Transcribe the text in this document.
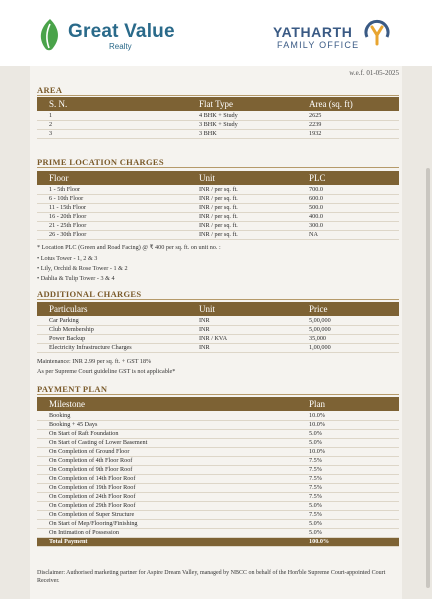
Great Value
Realty
YATHARTH
FAMILY OFFICE
w.e.f. 01-05-2025
AREA
S. N.	Flat Type	Area (sq. ft)
1	4 BHK + Study	2625
2	3 BHK + Study	2239
3	3 BHK	1932
PRIME LOCATION CHARGES
Floor	Unit	PLC
1 - 5th Floor	INR / per sq. ft.	700.0
6 - 10th Floor	INR / per sq. ft.	600.0
11 - 15th Floor	INR / per sq. ft.	500.0
16 - 20th Floor	INR / per sq. ft.	400.0
21 - 25th Floor	INR / per sq. ft.	300.0
26 - 30th Floor	INR / per sq. ft.	NA
* Location PLC (Green and Road Facing) @ ₹ 400 per sq. ft. on unit no. :
• Lotus Tower - 1, 2 & 3
• Lily, Orchid & Rose Tower - 1 & 2
• Dahlia & Tulip Tower - 3 & 4
ADDITIONAL CHARGES
Particulars	Unit	Price
Car Parking	INR	5,00,000
Club Membership	INR	5,00,000
Power Backup	INR / KVA	35,000
Electricity Infrastructure Charges	INR	1,00,000
Maintenance: INR 2.99 per sq. ft. + GST 18%
As per Supreme Court guideline GST is not applicable*
PAYMENT PLAN
Milestone	Plan
Booking	10.0%
Booking + 45 Days	10.0%
On Start of Raft Foundation	5.0%
On Start of Casting of Lower Basement	5.0%
On Completion of Ground Floor	10.0%
On Completion of 4th Floor Roof	7.5%
On Completion of 9th Floor Roof	7.5%
On Completion of 14th Floor Roof	7.5%
On Completion of 19th Floor Roof	7.5%
On Completion of 24th Floor Roof	7.5%
On Completion of 29th Floor Roof	5.0%
On Completion of Super Structure	7.5%
On Start of Mep/Flooring/Finishing	5.0%
On Intimation of Possession	5.0%
Total Payment	100.0%
Disclaimer: Authorised marketing partner for Aspire Dream Valley, managed by NBCC on behalf of the Hon'ble Supreme Court-appointed Court Receiver.
